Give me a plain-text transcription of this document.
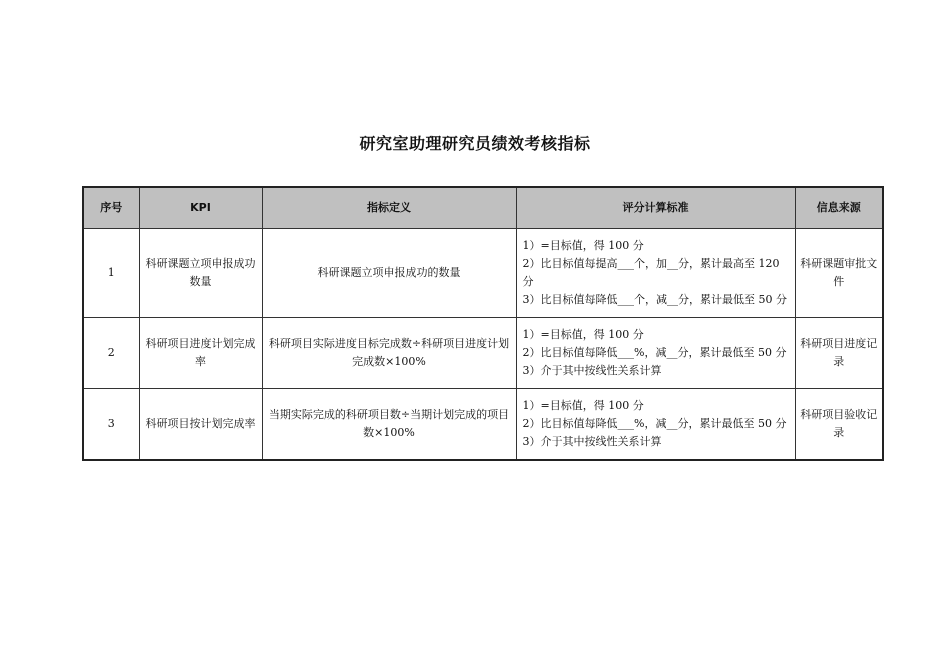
研究室助理研究员绩效考核指标
序号	KPI	指标定义	评分计算标准	信息来源
1	科研课题立项申报成功数量	科研课题立项申报成功的数量	1）=目标值，得 100 分
2）比目标值每提高___个，加__分，累计最高至 120 分
3）比目标值每降低___个，减__分，累计最低至 50 分	科研课题审批文件
2	科研项目进度计划完成率	科研项目实际进度目标完成数÷科研项目进度计划完成数×100%	1）=目标值，得 100 分
2）比目标值每降低___%，减__分，累计最低至 50 分
3）介于其中按线性关系计算	科研项目进度记录
3	科研项目按计划完成率	当期实际完成的科研项目数÷当期计划完成的项目数×100%	1）=目标值，得 100 分
2）比目标值每降低___%，减__分，累计最低至 50 分
3）介于其中按线性关系计算	科研项目验收记录
